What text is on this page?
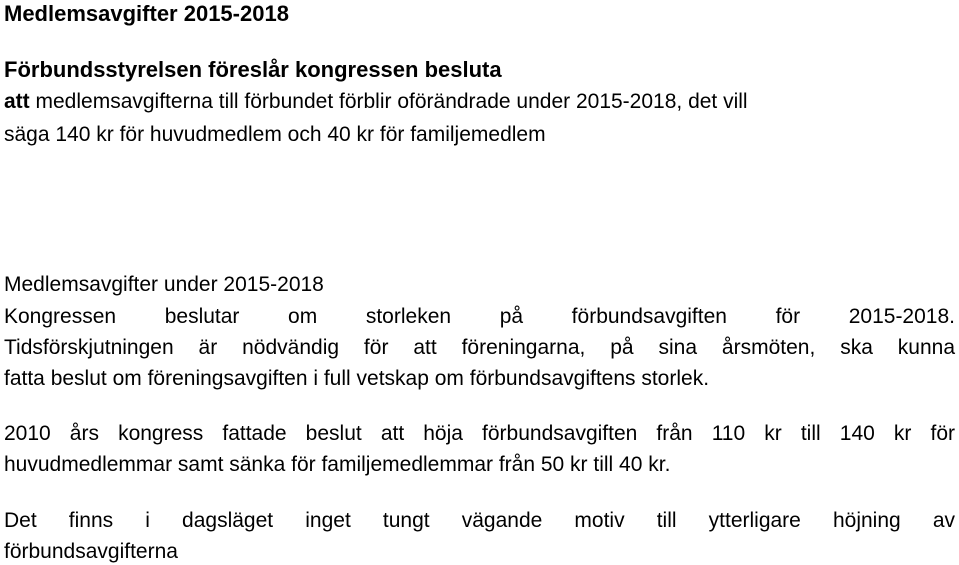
Medlemsavgifter 2015-2018
Förbundsstyrelsen föreslår kongressen besluta
att medlemsavgifterna till förbundet förblir oförändrade under 2015-2018, det vill
säga 140 kr för huvudmedlem och 40 kr för familjemedlem
Medlemsavgifter under 2015-2018
Kongressen beslutar om storleken på förbundsavgiften för 2015-2018.
Tidsförskjutningen är nödvändig för att föreningarna, på sina årsmöten, ska kunna
fatta beslut om föreningsavgiften i full vetskap om förbundsavgiftens storlek.
2010 års kongress fattade beslut att höja förbundsavgiften från 110 kr till 140 kr för
huvudmedlemmar samt sänka för familjemedlemmar från 50 kr till 40 kr.
Det finns i dagsläget inget tungt vägande motiv till ytterligare höjning av
förbundsavgifterna
